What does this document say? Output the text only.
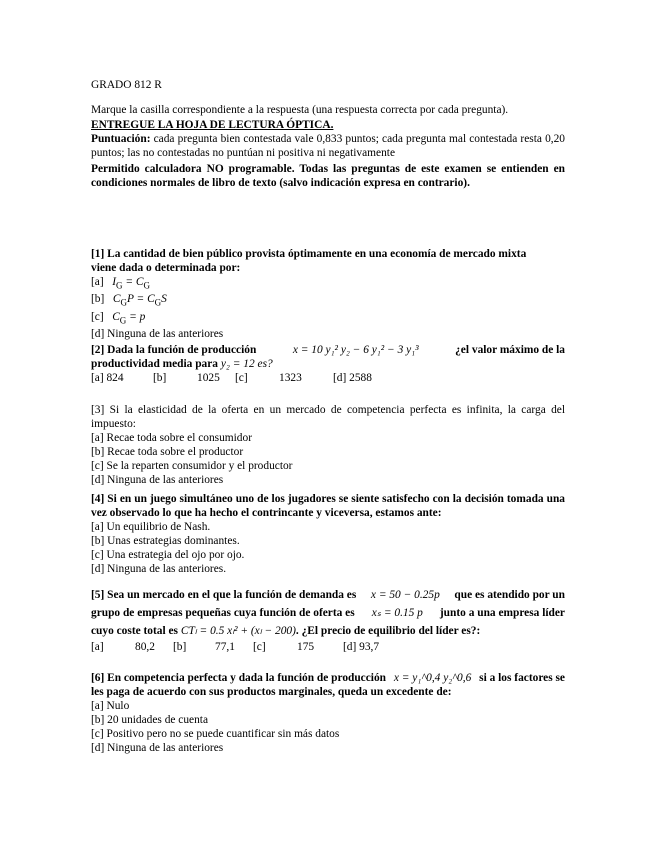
GRADO 812 R
Marque la casilla correspondiente a la respuesta (una respuesta correcta por cada pregunta).
ENTREGUE LA HOJA DE LECTURA ÓPTICA.
Puntuación: cada pregunta bien contestada vale 0,833 puntos; cada pregunta mal contestada resta 0,20 puntos; las no contestadas no puntúan ni positiva ni negativamente
Permitido calculadora NO programable. Todas las preguntas de este examen se entienden en condiciones normales de libro de texto (salvo indicación expresa en contrario).
[1] La cantidad de bien público provista óptimamente en una economía de mercado mixta
viene dada o determinada por:
[a]   $I_G = C_G$
[b]   $C_GP = C_GS$
[c]   $C_G = p$
[d] Ninguna de las anteriores
[2] Dada la función de producción	x = 10 y₁² y₂ − 6 y₁² − 3 y₁³	¿el valor máximo de la
productividad media para
y₂ = 12 es?
[a] 824	[b]	1025	[c]	1323	[d] 2588
[3] Si la elasticidad de la oferta en un mercado de competencia perfecta es infinita, la carga del impuesto:
[a] Recae toda sobre el consumidor
[b] Recae toda sobre el productor
[c] Se la reparten consumidor y el productor
[d] Ninguna de las anteriores
[4] Si en un juego simultáneo uno de los jugadores se siente satisfecho con la decisión tomada una vez observado lo que ha hecho el contrincante y viceversa, estamos ante:
[a] Un equilibrio de Nash.
[b] Unas estrategias dominantes.
[c] Una estrategia del ojo por ojo.
[d] Ninguna de las anteriores.
[5] Sea un mercado en el que la función de demanda es x = 50 − 0.25p que es atendido por un
grupo de empresas pequeñas cuya función de oferta es xₛ = 0.15 p junto a una empresa líder
cuyo coste total es
CTₗ = 0.5 xₗ² + (xₗ − 200) . ¿El precio de equilibrio del líder es?:
[a]	80,2	[b]	77,1	[c]	175	[d] 93,7
[6] En competencia perfecta y dada la función de producción x = y₁^0,4 y₂^0,6 si a los factores se
les paga de acuerdo con sus productos marginales, queda un excedente de:
[a] Nulo
[b] 20 unidades de cuenta
[c] Positivo pero no se puede cuantificar sin más datos
[d] Ninguna de las anteriores
